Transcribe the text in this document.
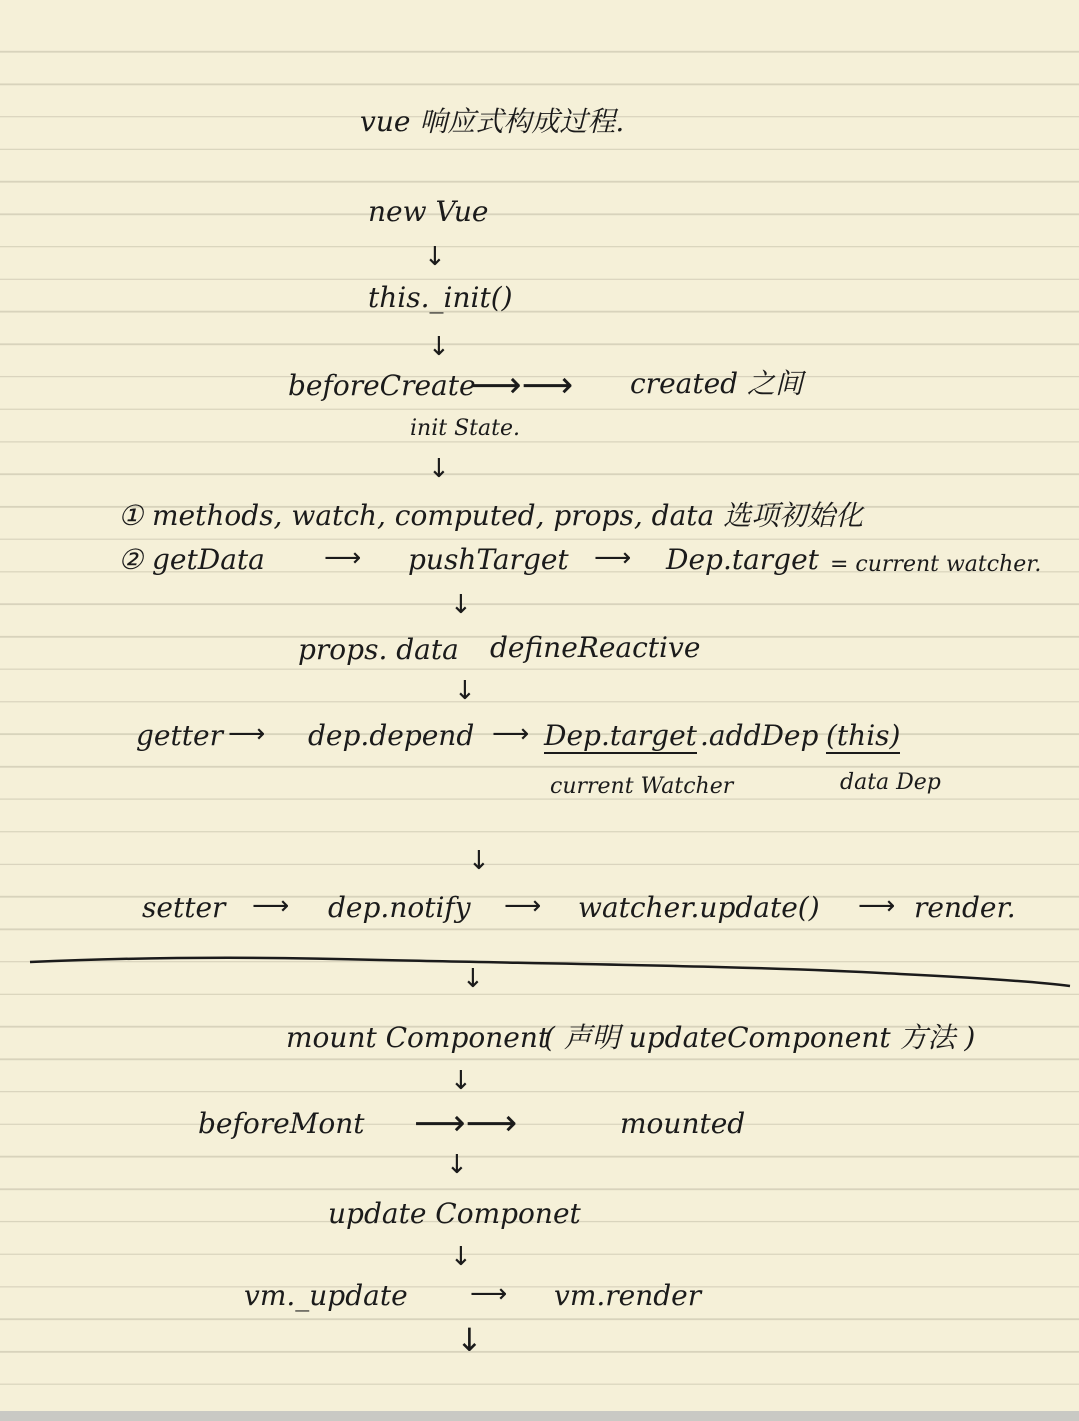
vue 响应式构成过程.
new Vue
↓
this._init()
↓
beforeCreate
⟶⟶ created 之间
init State.
↓
① methods, watch, computed, props, data 选项初始化
② getData ⟶ pushTarget ⟶ Dep.target = current watcher.
↓
props. data defineReactive
↓
getter ⟶ dep.depend ⟶ Dep.target .addDep (this)
current Watcher	data Dep
↓
setter ⟶ dep.notify ⟶ watcher.update() ⟶ render.
↓
mount Component
( 声明 updateComponent 方法 )
↓
beforeMont ⟶⟶	mounted
↓
update Componet
↓
vm._update ⟶ vm.render
↓
